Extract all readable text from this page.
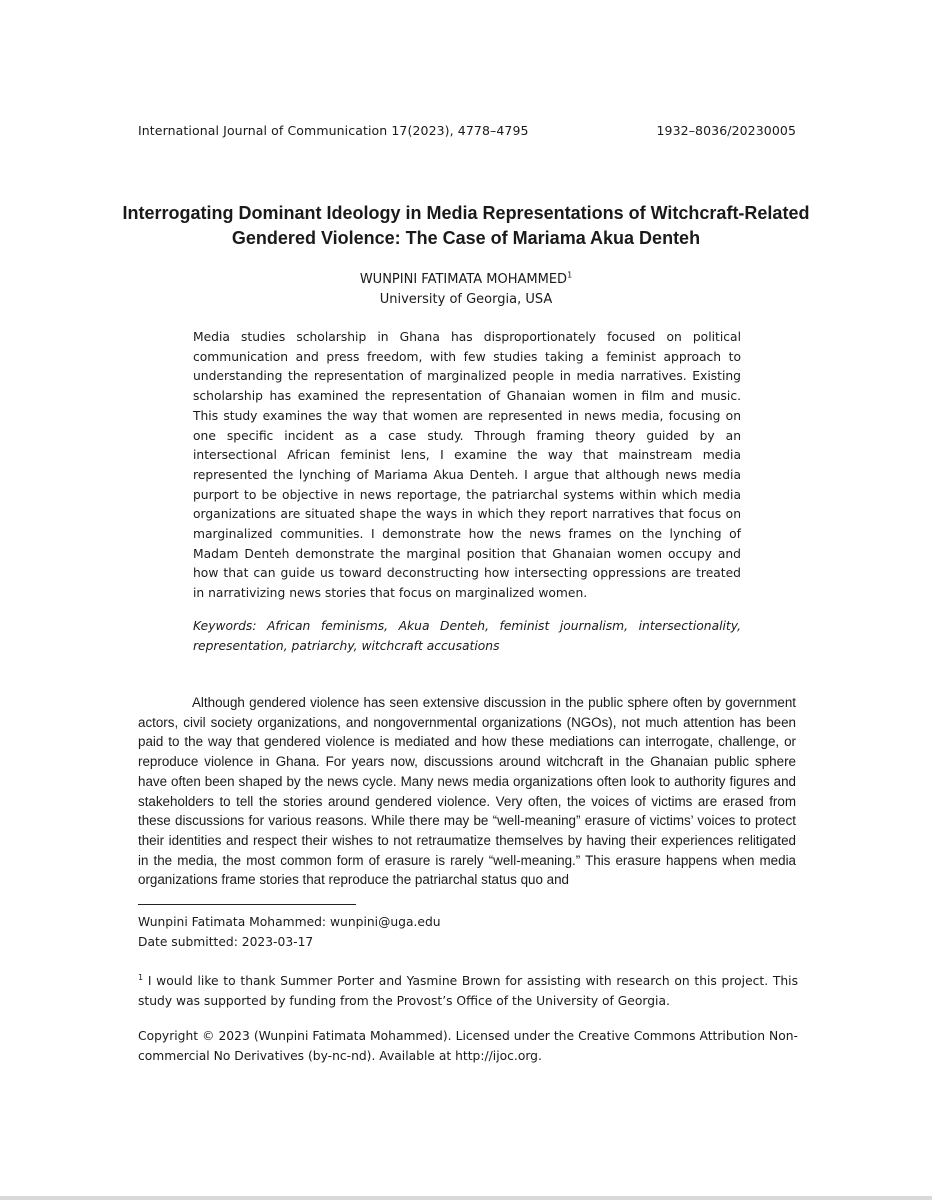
International Journal of Communication 17(2023), 4778–4795	1932–8036/20230005
Interrogating Dominant Ideology in Media Representations of Witchcraft-Related Gendered Violence: The Case of Mariama Akua Denteh
WUNPINI FATIMATA MOHAMMED$^1$
University of Georgia, USA
Media studies scholarship in Ghana has disproportionately focused on political communication and press freedom, with few studies taking a feminist approach to understanding the representation of marginalized people in media narratives. Existing scholarship has examined the representation of Ghanaian women in film and music. This study examines the way that women are represented in news media, focusing on one specific incident as a case study. Through framing theory guided by an intersectional African feminist lens, I examine the way that mainstream media represented the lynching of Mariama Akua Denteh. I argue that although news media purport to be objective in news reportage, the patriarchal systems within which media organizations are situated shape the ways in which they report narratives that focus on marginalized communities. I demonstrate how the news frames on the lynching of Madam Denteh demonstrate the marginal position that Ghanaian women occupy and how that can guide us toward deconstructing how intersecting oppressions are treated in narrativizing news stories that focus on marginalized women.
Keywords: African feminisms, Akua Denteh, feminist journalism, intersectionality, representation, patriarchy, witchcraft accusations
Although gendered violence has seen extensive discussion in the public sphere often by government actors, civil society organizations, and nongovernmental organizations (NGOs), not much attention has been paid to the way that gendered violence is mediated and how these mediations can interrogate, challenge, or reproduce violence in Ghana. For years now, discussions around witchcraft in the Ghanaian public sphere have often been shaped by the news cycle. Many news media organizations often look to authority figures and stakeholders to tell the stories around gendered violence. Very often, the voices of victims are erased from these discussions for various reasons. While there may be “well-meaning” erasure of victims’ voices to protect their identities and respect their wishes to not retraumatize themselves by having their experiences relitigated in the media, the most common form of erasure is rarely “well-meaning.” This erasure happens when media organizations frame stories that reproduce the patriarchal status quo and
Wunpini Fatimata Mohammed: wunpini@uga.edu
Date submitted: 2023-03-17
$^1$ I would like to thank Summer Porter and Yasmine Brown for assisting with research on this project. This study was supported by funding from the Provost’s Office of the University of Georgia.
Copyright © 2023 (Wunpini Fatimata Mohammed). Licensed under the Creative Commons Attribution Non-commercial No Derivatives (by-nc-nd). Available at http://ijoc.org.
